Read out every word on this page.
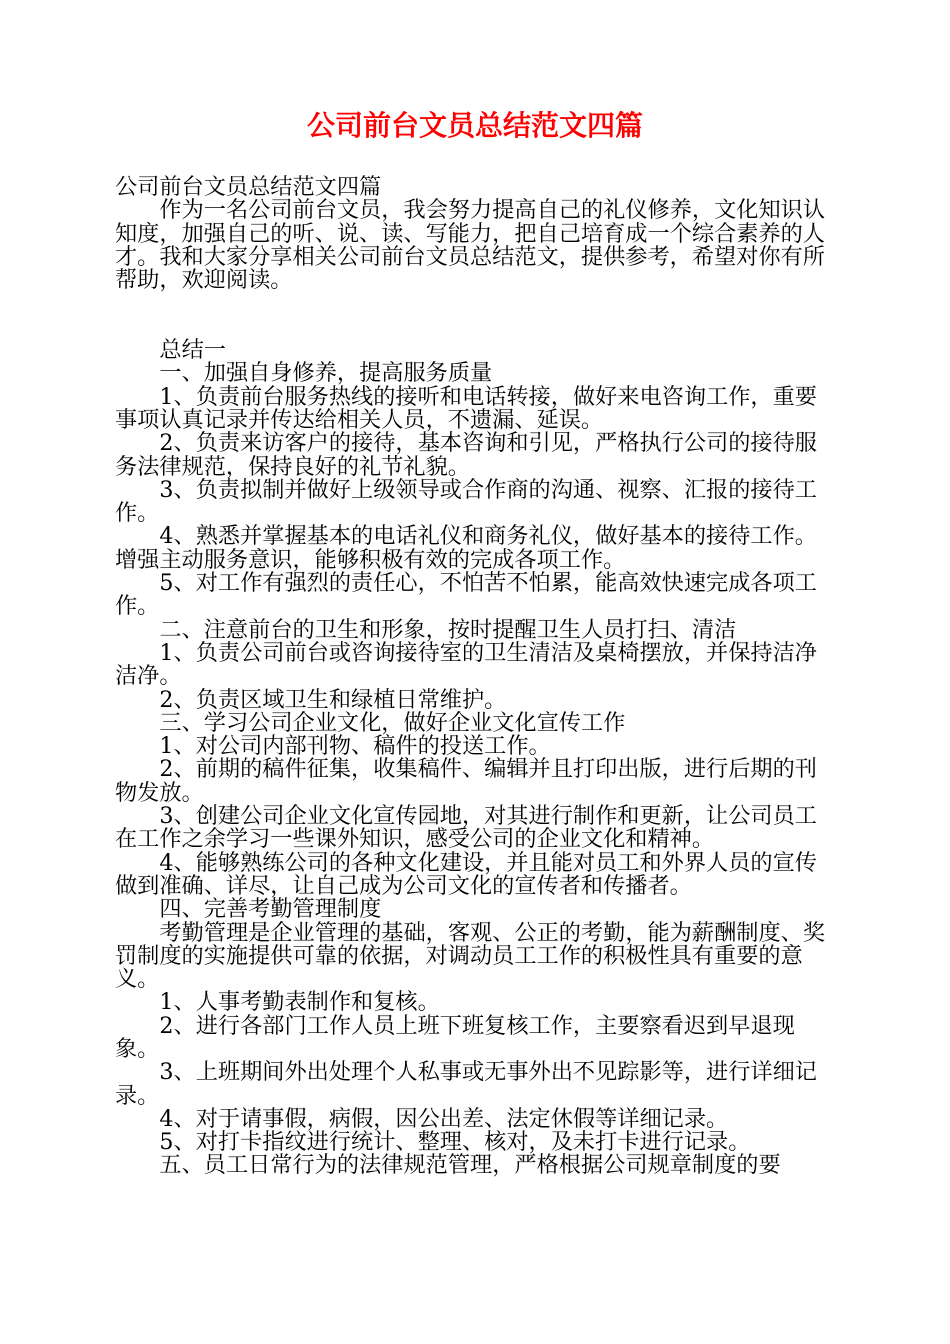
公司前台文员总结范文四篇

公司前台文员总结范文四篇

作为一名公司前台文员，我会努力提高自己的礼仪修养，文化知识认知度，加强自己的听、说、读、写能力，把自己培育成一个综合素养的人才。我和大家分享相关公司前台文员总结范文，提供参考，希望对你有所帮助，欢迎阅读。

总结一

一、加强自身修养，提高服务质量

1、负责前台服务热线的接听和电话转接，做好来电咨询工作，重要事项认真记录并传达给相关人员，不遗漏、延误。

2、负责来访客户的接待，基本咨询和引见，严格执行公司的接待服务法律规范，保持良好的礼节礼貌。

3、负责拟制并做好上级领导或合作商的沟通、视察、汇报的接待工作。

4、熟悉并掌握基本的电话礼仪和商务礼仪，做好基本的接待工作。增强主动服务意识，能够积极有效的完成各项工作。

5、对工作有强烈的责任心，不怕苦不怕累，能高效快速完成各项工作。

二、注意前台的卫生和形象，按时提醒卫生人员打扫、清洁

1、负责公司前台或咨询接待室的卫生清洁及桌椅摆放，并保持洁净洁净。

2、负责区域卫生和绿植日常维护。

三、学习公司企业文化，做好企业文化宣传工作

1、对公司内部刊物、稿件的投送工作。

2、前期的稿件征集，收集稿件、编辑并且打印出版，进行后期的刊物发放。

3、创建公司企业文化宣传园地，对其进行制作和更新，让公司员工在工作之余学习一些课外知识，感受公司的企业文化和精神。

4、能够熟练公司的各种文化建设，并且能对员工和外界人员的宣传做到准确、详尽，让自己成为公司文化的宣传者和传播者。

四、完善考勤管理制度

考勤管理是企业管理的基础，客观、公正的考勤，能为薪酬制度、奖罚制度的实施提供可靠的依据，对调动员工工作的积极性具有重要的意义。

1、人事考勤表制作和复核。

2、进行各部门工作人员上班下班复核工作，主要察看迟到早退现象。

3、上班期间外出处理个人私事或无事外出不见踪影等，进行详细记录。

4、对于请事假，病假，因公出差、法定休假等详细记录。

5、对打卡指纹进行统计、整理、核对，及未打卡进行记录。

五、员工日常行为的法律规范管理，严格根据公司规章制度的要
